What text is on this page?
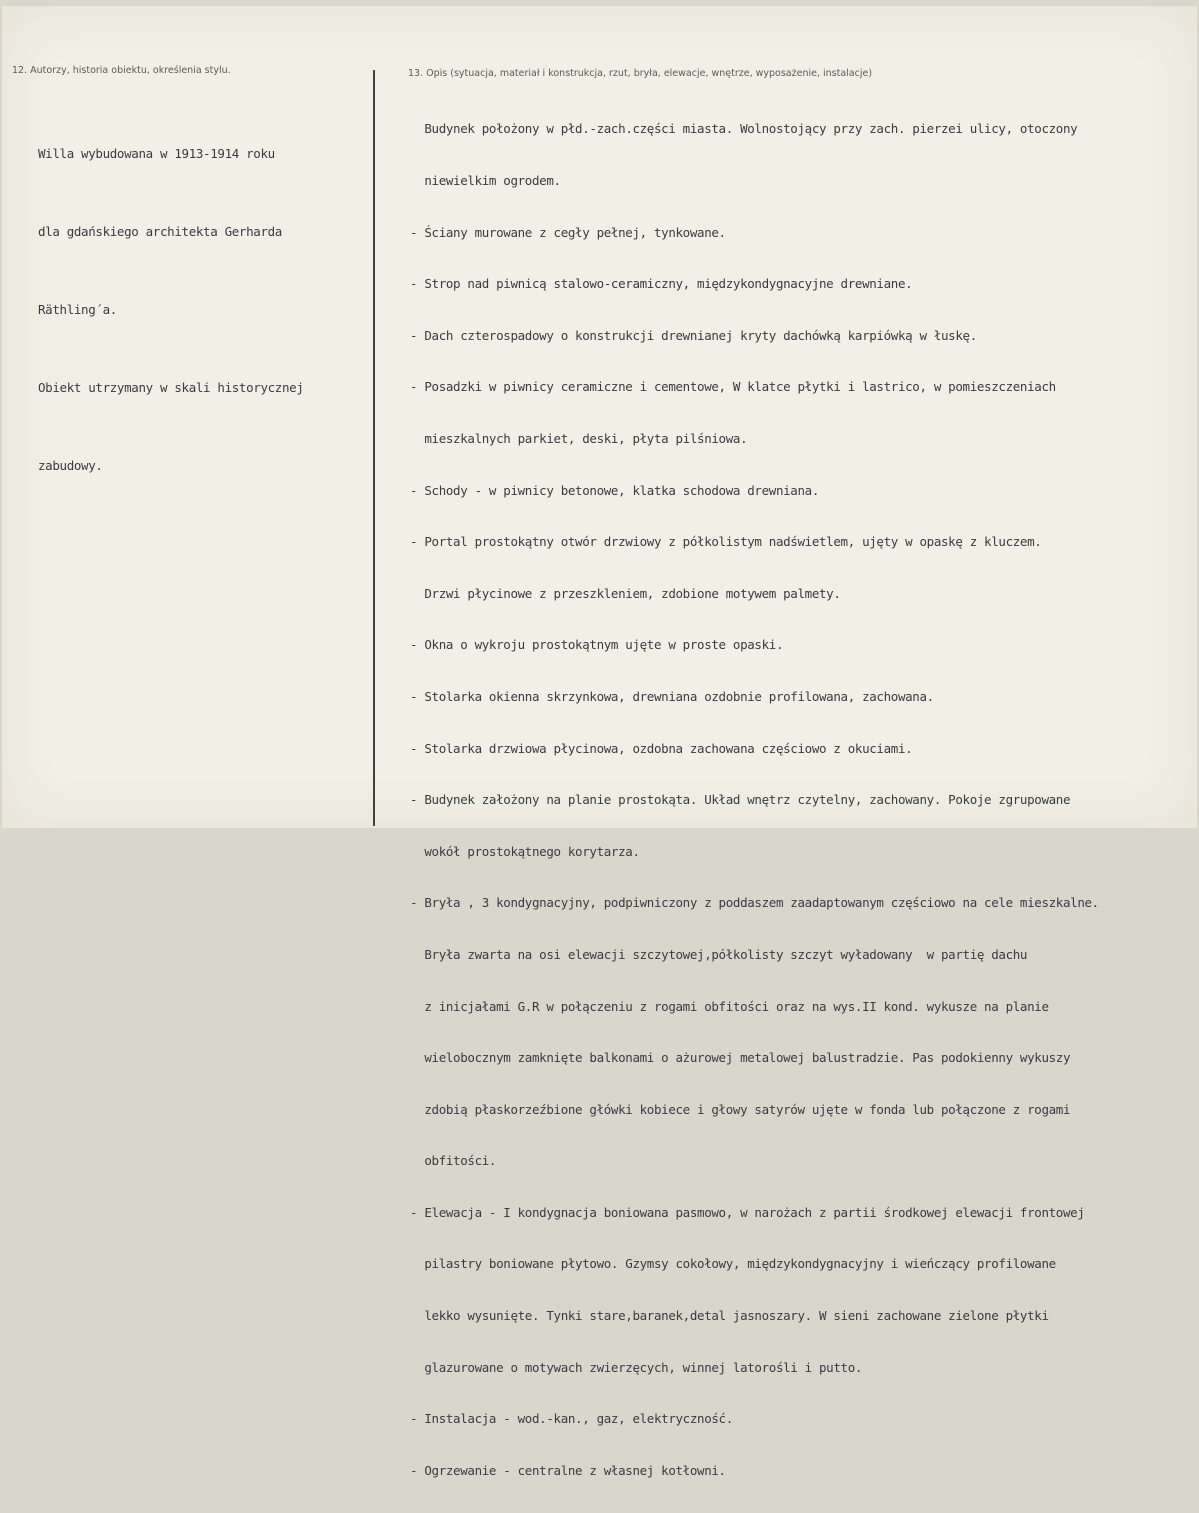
12. Autorzy, historia obiektu, określenia stylu.	13. Opis (sytuacja, materiał i konstrukcja, rzut, bryła, elewacje, wnętrze, wyposażenie, instalacje)

Willa wybudowana w 1913-1914 roku

dla gdańskiego architekta Gerharda

Räthling´a.

Obiekt utrzymany w skali historycznej

zabudowy.

Budynek położony w płd.-zach.części miasta. Wolnostojący przy zach. pierzei ulicy, otoczony

niewielkim ogrodem.

- Ściany murowane z cegły pełnej, tynkowane.

- Strop nad piwnicą stalowo-ceramiczny, międzykondygnacyjne drewniane.

- Dach czterospadowy o konstrukcji drewnianej kryty dachówką karpiówką w łuskę.

- Posadzki w piwnicy ceramiczne i cementowe, W klatce płytki i lastrico, w pomieszczeniach

mieszkalnych parkiet, deski, płyta pilśniowa.

- Schody - w piwnicy betonowe, klatka schodowa drewniana.

- Portal prostokątny otwór drzwiowy z półkolistym nadświetlem, ujęty w opaskę z kluczem.

Drzwi płycinowe z przeszkleniem, zdobione motywem palmety.

- Okna o wykroju prostokątnym ujęte w proste opaski.

- Stolarka okienna skrzynkowa, drewniana ozdobnie profilowana, zachowana.

- Stolarka drzwiowa płycinowa, ozdobna zachowana częściowo z okuciami.

- Budynek założony na planie prostokąta. Układ wnętrz czytelny, zachowany. Pokoje zgrupowane

wokół prostokątnego korytarza.

- Bryła , 3 kondygnacyjny, podpiwniczony z poddaszem zaadaptowanym częściowo na cele mieszkalne.

Bryła zwarta na osi elewacji szczytowej,półkolisty szczyt wyładowany  w partię dachu

z inicjałami G.R w połączeniu z rogami obfitości oraz na wys.II kond. wykusze na planie

wielobocznym zamknięte balkonami o ażurowej metalowej balustradzie. Pas podokienny wykuszy

zdobią płaskorzeźbione główki kobiece i głowy satyrów ujęte w fonda lub połączone z rogami

obfitości.

- Elewacja - I kondygnacja boniowana pasmowo, w narożach z partii środkowej elewacji frontowej

pilastry boniowane płytowo. Gzymsy cokołowy, międzykondygnacyjny i wieńczący profilowane

lekko wysunięte. Tynki stare,baranek,detal jasnoszary. W sieni zachowane zielone płytki

glazurowane o motywach zwierzęcych, winnej latorośli i putto.

- Instalacja - wod.-kan., gaz, elektryczność.

- Ogrzewanie - centralne z własnej kotłowni.
